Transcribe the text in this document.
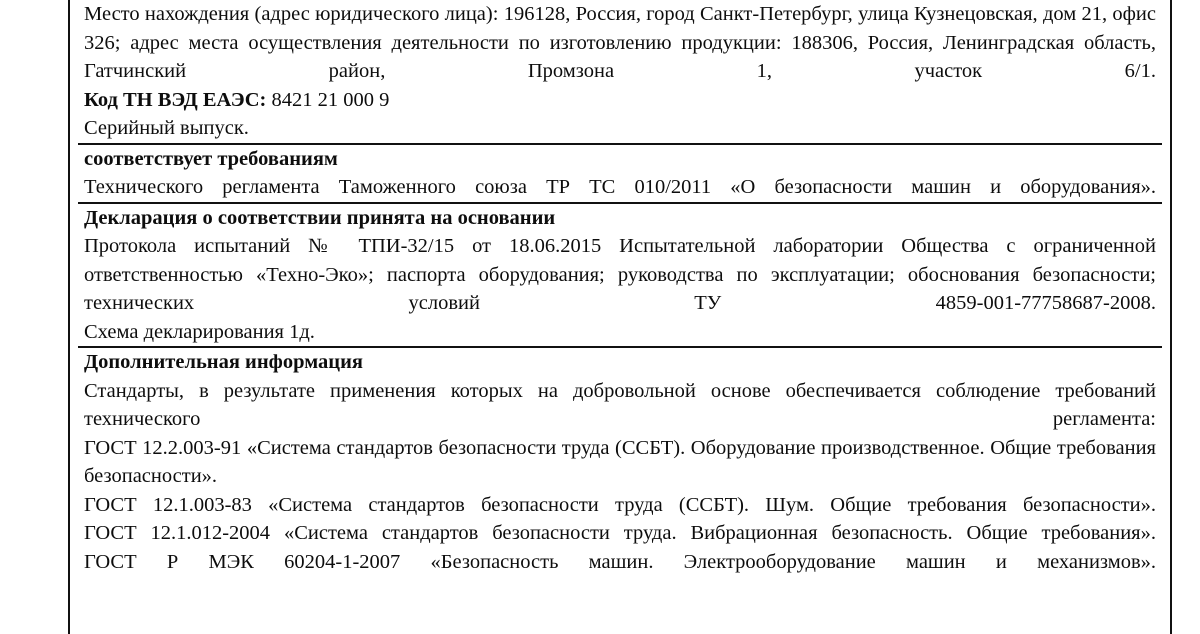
Место нахождения (адрес юридического лица): 196128, Россия, город Санкт-Петербург, улица Кузнецовская, дом 21, офис 326; адрес места осуществления деятельности по изготовлению продукции: 188306, Россия, Ленинградская область, Гатчинский район, Промзона 1, участок 6/1.

Код ТН ВЭД ЕАЭС: 8421 21 000 9

Серийный выпуск.

соответствует требованиям

Технического регламента Таможенного союза ТР ТС 010/2011 «О безопасности машин и оборудования».

Декларация о соответствии принята на основании

Протокола испытаний № ТПИ-32/15 от 18.06.2015 Испытательной лаборатории Общества с ограниченной ответственностью «Техно-Эко»; паспорта оборудования; руководства по эксплуатации; обоснования безопасности; технических условий ТУ 4859-001-77758687-2008.

Схема декларирования 1д.

Дополнительная информация

Стандарты, в результате применения которых на добровольной основе обеспечивается соблюдение требований технического регламента:

ГОСТ 12.2.003-91 «Система стандартов безопасности труда (ССБТ). Оборудование производственное. Общие требования безопасности».

ГОСТ 12.1.003-83 «Система стандартов безопасности труда (ССБТ). Шум. Общие требования безопасности».

ГОСТ 12.1.012-2004 «Система стандартов безопасности труда. Вибрационная безопасность. Общие требования».

ГОСТ Р МЭК 60204-1-2007 «Безопасность машин. Электрооборудование машин и механизмов».
